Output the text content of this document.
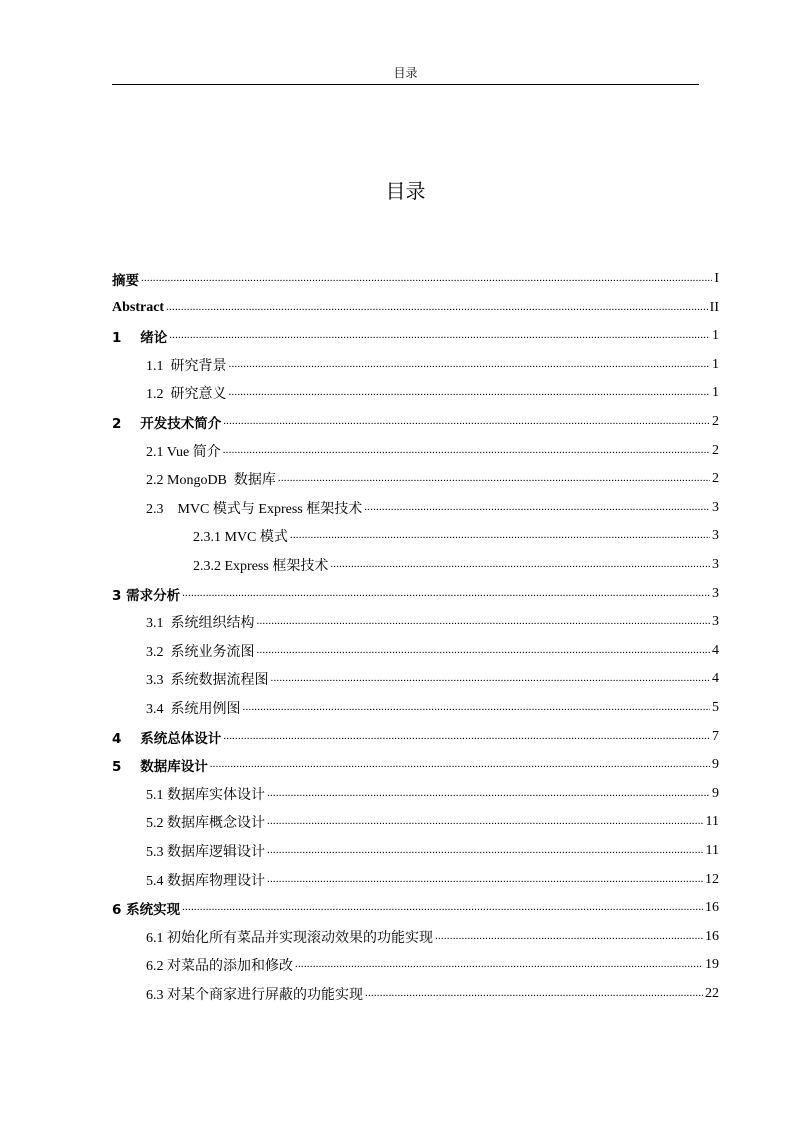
目录
目录
摘要 .....	I
Abstract .....	II
1    绪论 .....	1
1.1  研究背景 .....	1
1.2  研究意义 .....	1
2    开发技术简介 .....	2
2.1 Vue 简介 .....	2
2.2 MongoDB  数据库 .....	2
2.3    MVC 模式与 Express 框架技术 .....	3
2.3.1 MVC 模式 .....	3
2.3.2 Express 框架技术 .....	3
3 需求分析 .....	3
3.1  系统组织结构 .....	3
3.2  系统业务流图 .....	4
3.3  系统数据流程图 .....	4
3.4  系统用例图 .....	5
4    系统总体设计 .....	7
5    数据库设计 .....	9
5.1 数据库实体设计 .....	9
5.2 数据库概念设计 .....	11
5.3 数据库逻辑设计 .....	11
5.4 数据库物理设计 .....	12
6 系统实现 .....	16
6.1 初始化所有菜品并实现滚动效果的功能实现 .....	16
6.2 对菜品的添加和修改 .....	19
6.3 对某个商家进行屏蔽的功能实现 .....	22
